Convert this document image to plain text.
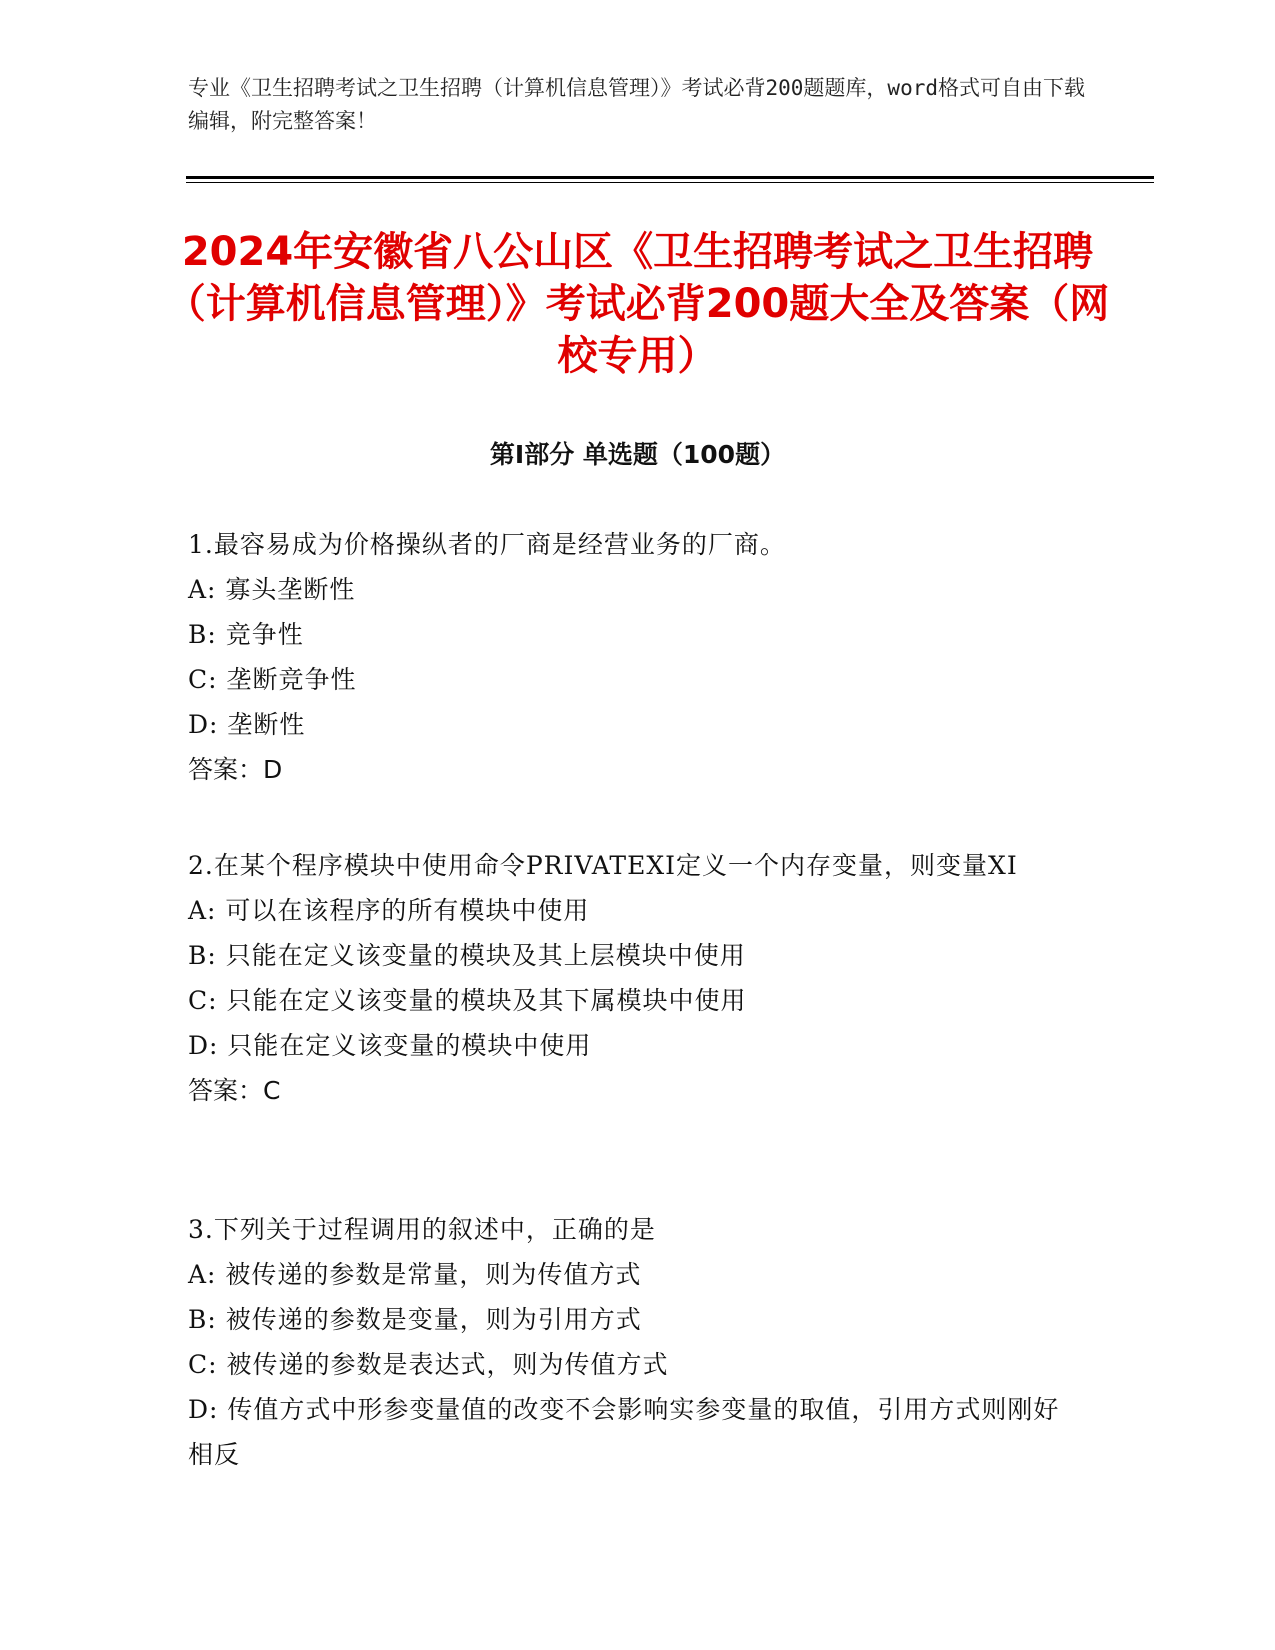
专业《卫生招聘考试之卫生招聘（计算机信息管理）》考试必背200题题库，word格式可自由下载编辑，附完整答案！
2024年安徽省八公山区《卫生招聘考试之卫生招聘（计算机信息管理）》考试必背200题大全及答案（网校专用）
第Ⅰ部分 单选题（100题）
1.最容易成为价格操纵者的厂商是经营业务的厂商。
A: 寡头垄断性
B: 竞争性
C: 垄断竞争性
D: 垄断性
答案：D
2.在某个程序模块中使用命令PRIVATEXI定义一个内存变量，则变量XI
A: 可以在该程序的所有模块中使用
B: 只能在定义该变量的模块及其上层模块中使用
C: 只能在定义该变量的模块及其下属模块中使用
D: 只能在定义该变量的模块中使用
答案：C
3.下列关于过程调用的叙述中，正确的是
A: 被传递的参数是常量，则为传值方式
B: 被传递的参数是变量，则为引用方式
C: 被传递的参数是表达式，则为传值方式
D: 传值方式中形参变量值的改变不会影响实参变量的取值，引用方式则刚好相反
